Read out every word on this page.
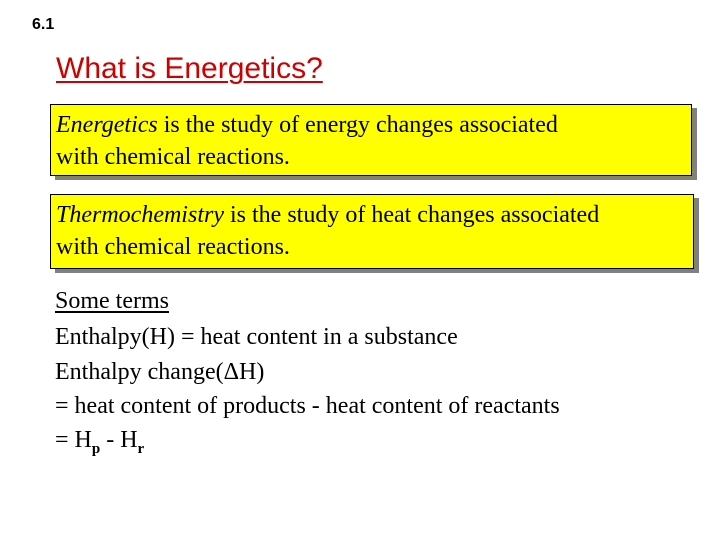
6.1
What is Energetics?
Energetics is the study of energy changes associated
with chemical reactions.
Thermochemistry is the study of heat changes associated
with chemical reactions.
Some terms
Enthalpy(H) = heat content in a substance
Enthalpy change(ΔH)
= heat content of products - heat content of reactants
= $H_p - H_r$
